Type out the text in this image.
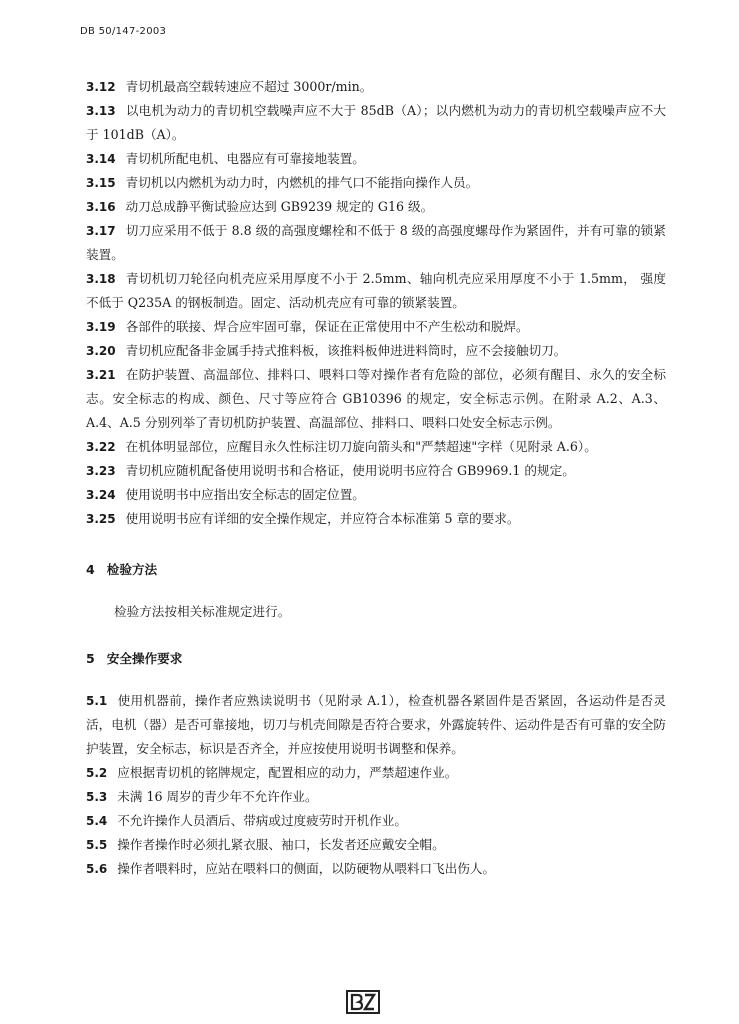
DB 50/147-2003

3.12 青切机最高空载转速应不超过 3000r/min。

3.13 以电机为动力的青切机空载噪声应不大于 85dB（A）；以内燃机为动力的青切机空载噪声应不大于 101dB（A）。

3.14 青切机所配电机、电器应有可靠接地装置。

3.15 青切机以内燃机为动力时，内燃机的排气口不能指向操作人员。

3.16 动刀总成静平衡试验应达到 GB9239 规定的 G16 级。

3.17 切刀应采用不低于 8.8 级的高强度螺栓和不低于 8 级的高强度螺母作为紧固件，并有可靠的锁紧装置。

3.18 青切机切刀轮径向机壳应采用厚度不小于 2.5mm、轴向机壳应采用厚度不小于 1.5mm， 强度不低于 Q235A 的钢板制造。固定、活动机壳应有可靠的锁紧装置。

3.19 各部件的联接、焊合应牢固可靠，保证在正常使用中不产生松动和脱焊。

3.20 青切机应配备非金属手持式推料板，该推料板伸进进料筒时，应不会接触切刀。

3.21 在防护装置、高温部位、排料口、喂料口等对操作者有危险的部位，必须有醒目、永久的安全标志。安全标志的构成、颜色、尺寸等应符合 GB10396 的规定，安全标志示例。在附录 A.2、A.3、A.4、A.5 分别列举了青切机防护装置、高温部位、排料口、喂料口处安全标志示例。

3.22 在机体明显部位，应醒目永久性标注切刀旋向箭头和"严禁超速"字样（见附录 A.6）。

3.23 青切机应随机配备使用说明书和合格证，使用说明书应符合 GB9969.1 的规定。

3.24 使用说明书中应指出安全标志的固定位置。

3.25 使用说明书应有详细的安全操作规定，并应符合本标准第 5 章的要求。

4 检验方法

检验方法按相关标准规定进行。

5 安全操作要求

5.1 使用机器前，操作者应熟读说明书（见附录 A.1），检查机器各紧固件是否紧固，各运动件是否灵活，电机（器）是否可靠接地，切刀与机壳间隙是否符合要求，外露旋转件、运动件是否有可靠的安全防护装置，安全标志，标识是否齐全，并应按使用说明书调整和保养。

5.2 应根据青切机的铭牌规定，配置相应的动力，严禁超速作业。

5.3 未满 16 周岁的青少年不允许作业。

5.4 不允许操作人员酒后、带病或过度疲劳时开机作业。

5.5 操作者操作时必须扎紧衣服、袖口，长发者还应戴安全帽。

5.6 操作者喂料时，应站在喂料口的侧面，以防硬物从喂料口飞出伤人。
